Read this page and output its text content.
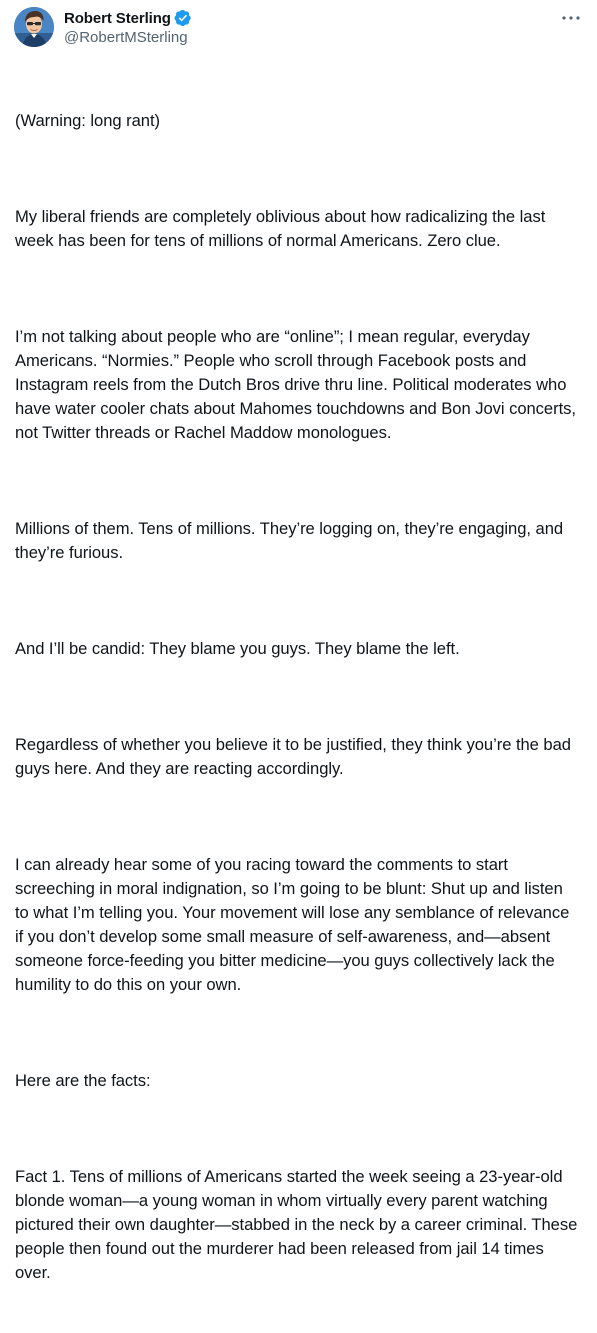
Robert Sterling
@RobertMSterling

(Warning: long rant)

My liberal friends are completely oblivious about how radicalizing the last week has been for tens of millions of normal Americans. Zero clue.

I’m not talking about people who are “online”; I mean regular, everyday Americans. “Normies.” People who scroll through Facebook posts and Instagram reels from the Dutch Bros drive thru line. Political moderates who have water cooler chats about Mahomes touchdowns and Bon Jovi concerts, not Twitter threads or Rachel Maddow monologues.

Millions of them. Tens of millions. They’re logging on, they’re engaging, and they’re furious.

And I’ll be candid: They blame you guys. They blame the left.

Regardless of whether you believe it to be justified, they think you’re the bad guys here. And they are reacting accordingly.

I can already hear some of you racing toward the comments to start screeching in moral indignation, so I’m going to be blunt: Shut up and listen to what I’m telling you. Your movement will lose any semblance of relevance if you don’t develop some small measure of self-awareness, and—absent someone force-feeding you bitter medicine—you guys collectively lack the humility to do this on your own.

Here are the facts:

Fact 1. Tens of millions of Americans started the week seeing a 23-year-old blonde woman—a young woman in whom virtually every parent watching pictured their own daughter—stabbed in the neck by a career criminal. These people then found out the murderer had been released from jail 14 times over.
